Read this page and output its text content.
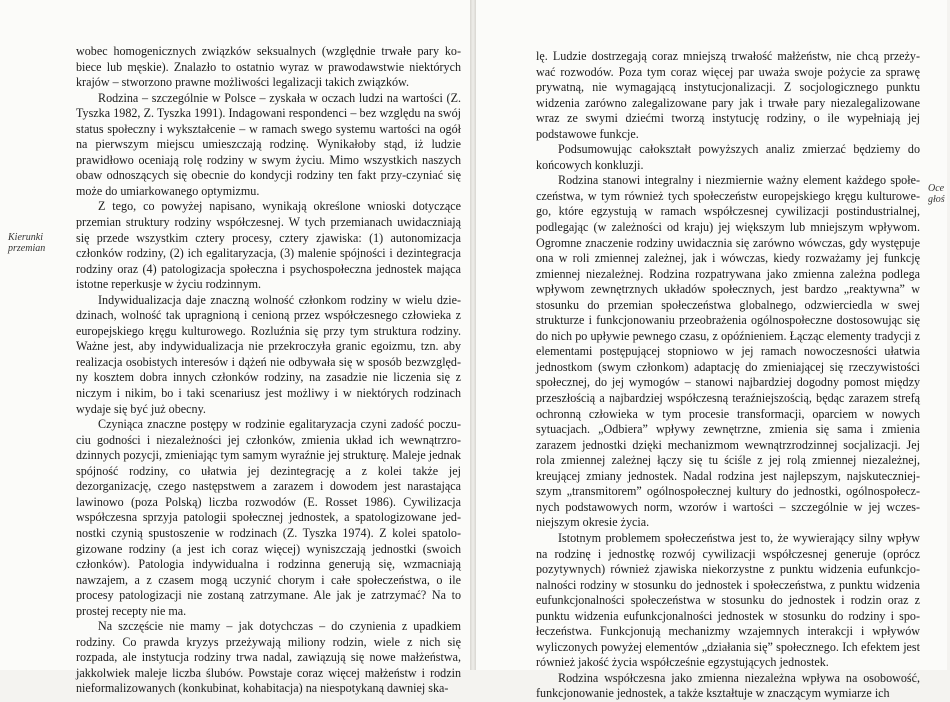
Kierunki
przemian

wobec homogenicznych związków seksualnych (względnie trwałe pary ko-biece lub męskie). Znalazło to ostatnio wyraz w prawodawstwie niektórych krajów – stworzono prawne możliwości legalizacji takich związków.

Rodzina – szczególnie w Polsce – zyskała w oczach ludzi na wartości (Z. Tyszka 1982, Z. Tyszka 1991). Indagowani respondenci – bez względu na swój status społeczny i wykształcenie – w ramach swego systemu wartości na ogół na pierwszym miejscu umieszczają rodzinę. Wynikałoby stąd, iż ludzie prawidłowo oceniają rolę rodziny w swym życiu. Mimo wszystkich naszych obaw odnoszących się obecnie do kondycji rodziny ten fakt przy-czyniać się może do umiarkowanego optymizmu.

Z tego, co powyżej napisano, wynikają określone wnioski dotyczące przemian struktury rodziny współczesnej. W tych przemianach uwidaczniają się przede wszystkim cztery procesy, cztery zjawiska: (1) autonomizacja członków rodziny, (2) ich egalitaryzacja, (3) malenie spójności i dezintegracja rodziny oraz (4) patologizacja społeczna i psychospołeczna jednostek mająca istotne reperkusje w życiu rodzinnym.

Indywidualizacja daje znaczną wolność członkom rodziny w wielu dzie-dzinach, wolność tak upragnioną i cenioną przez współczesnego człowieka z europejskiego kręgu kulturowego. Rozluźnia się przy tym struktura rodziny. Ważne jest, aby indywidualizacja nie przekroczyła granic egoizmu, tzn. aby realizacja osobistych interesów i dążeń nie odbywała się w sposób bezwzględ-ny kosztem dobra innych członków rodziny, na zasadzie nie liczenia się z niczym i nikim, bo i taki scenariusz jest możliwy i w niektórych rodzinach wydaje się być już obecny.

Czyniąca znaczne postępy w rodzinie egalitaryzacja czyni zadość poczu-ciu godności i niezależności jej członków, zmienia układ ich wewnątrzro-dzinnych pozycji, zmieniając tym samym wyraźnie jej strukturę. Maleje jednak spójność rodziny, co ułatwia jej dezintegrację a z kolei także jej dezorganizację, czego następstwem a zarazem i dowodem jest narastająca lawinowo (poza Polską) liczba rozwodów (E. Rosset 1986). Cywilizacja współczesna sprzyja patologii społecznej jednostek, a spatologizowane jed-nostki czynią spustoszenie w rodzinach (Z. Tyszka 1974). Z kolei spatolo-gizowane rodziny (a jest ich coraz więcej) wyniszczają jednostki (swoich członków). Patologia indywidualna i rodzinna generują się, wzmacniają nawzajem, a z czasem mogą uczynić chorym i całe społeczeństwa, o ile procesy patologizacji nie zostaną zatrzymane. Ale jak je zatrzymać? Na to prostej recepty nie ma.

Na szczęście nie mamy – jak dotychczas – do czynienia z upadkiem rodziny. Co prawda kryzys przeżywają miliony rodzin, wiele z nich się rozpada, ale instytucja rodziny trwa nadal, zawiązują się nowe małżeństwa, jakkolwiek maleje liczba ślubów. Powstaje coraz więcej małżeństw i rodzin nieformalizowanych (konkubinat, kohabitacja) na niespotykaną dawniej ska-

lę. Ludzie dostrzegają coraz mniejszą trwałość małżeństw, nie chcą przeży-wać rozwodów. Poza tym coraz więcej par uważa swoje pożycie za sprawę prywatną, nie wymagającą instytucjonalizacji. Z socjologicznego punktu widzenia zarówno zalegalizowane pary jak i trwałe pary niezalegalizowane wraz ze swymi dziećmi tworzą instytucję rodziny, o ile wypełniają jej podstawowe funkcje.

Podsumowując całokształt powyższych analiz zmierzać będziemy do końcowych konkluzji.

Rodzina stanowi integralny i niezmiernie ważny element każdego społe-czeństwa, w tym również tych społeczeństw europejskiego kręgu kulturowe-go, które egzystują w ramach współczesnej cywilizacji postindustrialnej, podlegając (w zależności od kraju) jej większym lub mniejszym wpływom. Ogromne znaczenie rodziny uwidacznia się zarówno wówczas, gdy występuje ona w roli zmiennej zależnej, jak i wówczas, kiedy rozważamy jej funkcję zmiennej niezależnej. Rodzina rozpatrywana jako zmienna zależna podlega wpływom zewnętrznych układów społecznych, jest bardzo „reaktywna” w stosunku do przemian społeczeństwa globalnego, odzwierciedla w swej strukturze i funkcjonowaniu przeobrażenia ogólnospołeczne dostosowując się do nich po upływie pewnego czasu, z opóźnieniem. Łącząc elementy tradycji z elementami postępującej stopniowo w jej ramach nowoczesności ułatwia jednostkom (swym członkom) adaptację do zmieniającej się rzeczywistości społecznej, do jej wymogów – stanowi najbardziej dogodny pomost między przeszłością a najbardziej współczesną teraźniejszością, będąc zarazem strefą ochronną człowieka w tym procesie transformacji, oparciem w nowych sytuacjach. „Odbiera” wpływy zewnętrzne, zmienia się sama i zmienia zarazem jednostki dzięki mechanizmom wewnątrzrodzinnej socjalizacji. Jej rola zmiennej zależnej łączy się tu ściśle z jej rolą zmiennej niezależnej, kreującej zmiany jednostek. Nadal rodzina jest najlepszym, najskuteczniej-szym „transmitorem” ogólnospołecznej kultury do jednostki, ogólnospołecz-nych podstawowych norm, wzorów i wartości – szczególnie w jej wczes-niejszym okresie życia.

Istotnym problemem społeczeństwa jest to, że wywierający silny wpływ na rodzinę i jednostkę rozwój cywilizacji współczesnej generuje (oprócz pozytywnych) również zjawiska niekorzystne z punktu widzenia eufunkcjo-nalności rodziny w stosunku do jednostek i społeczeństwa, z punktu widzenia eufunkcjonalności społeczeństwa w stosunku do jednostek i rodzin oraz z punktu widzenia eufunkcjonalności jednostek w stosunku do rodziny i spo-łeczeństwa. Funkcjonują mechanizmy wzajemnych interakcji i wpływów wyliczonych powyżej elementów „działania się” społecznego. Ich efektem jest również jakość życia współcześnie egzystujących jednostek.

Rodzina współczesna jako zmienna niezależna wpływa na osobowość, funkcjonowanie jednostek, a także kształtuje w znaczącym wymiarze ich

Oce
głoś
